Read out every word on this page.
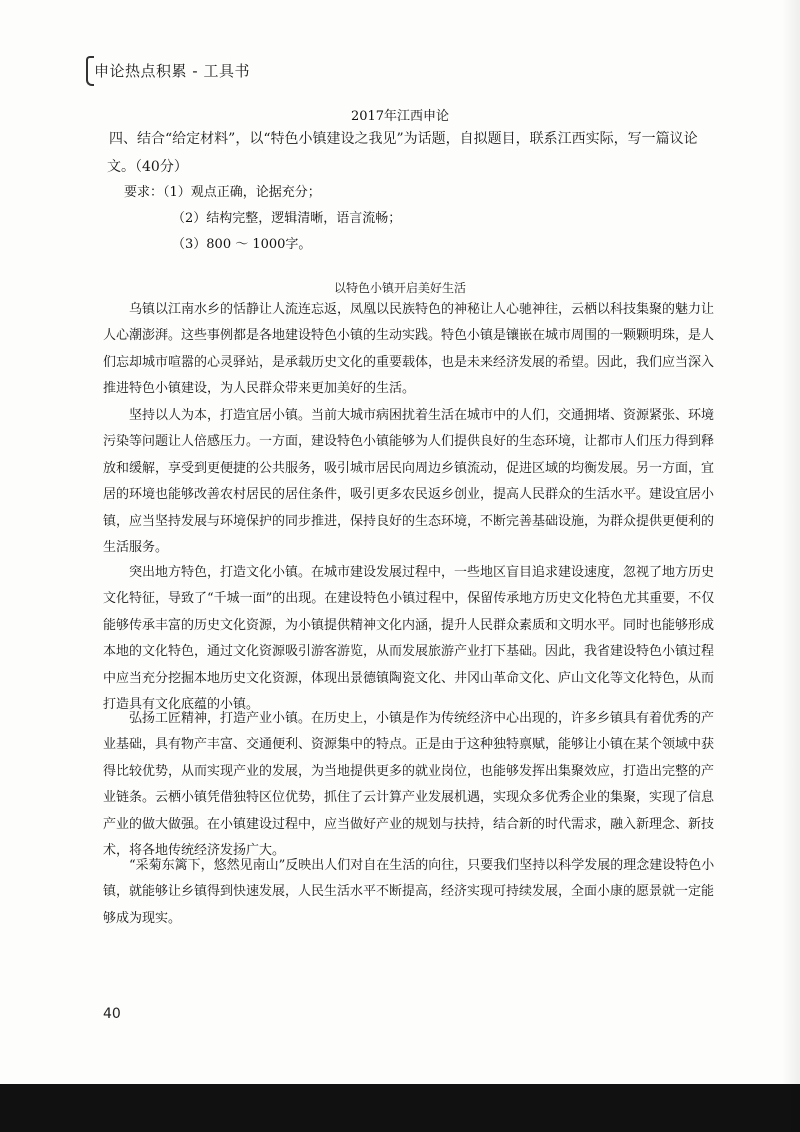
申论热点积累 - 工具书
2017年江西申论
四、结合“给定材料”，以“特色小镇建设之我见”为话题，自拟题目，联系江西实际，写一篇议论文。（40分）
要求：（1）观点正确，论据充分；
（2）结构完整，逻辑清晰，语言流畅；
（3）800 ～ 1000字。
以特色小镇开启美好生活

乌镇以江南水乡的恬静让人流连忘返，凤凰以民族特色的神秘让人心驰神往，云栖以科技集聚的魅力让人心潮澎湃。这些事例都是各地建设特色小镇的生动实践。特色小镇是镶嵌在城市周围的一颗颗明珠，是人们忘却城市喧嚣的心灵驿站，是承载历史文化的重要载体，也是未来经济发展的希望。因此，我们应当深入推进特色小镇建设，为人民群众带来更加美好的生活。

坚持以人为本，打造宜居小镇。当前大城市病困扰着生活在城市中的人们，交通拥堵、资源紧张、环境污染等问题让人倍感压力。一方面，建设特色小镇能够为人们提供良好的生态环境，让都市人们压力得到释放和缓解，享受到更便捷的公共服务，吸引城市居民向周边乡镇流动，促进区域的均衡发展。另一方面，宜居的环境也能够改善农村居民的居住条件，吸引更多农民返乡创业，提高人民群众的生活水平。建设宜居小镇，应当坚持发展与环境保护的同步推进，保持良好的生态环境，不断完善基础设施，为群众提供更便利的生活服务。

突出地方特色，打造文化小镇。在城市建设发展过程中，一些地区盲目追求建设速度，忽视了地方历史文化特征，导致了“千城一面”的出现。在建设特色小镇过程中，保留传承地方历史文化特色尤其重要，不仅能够传承丰富的历史文化资源，为小镇提供精神文化内涵，提升人民群众素质和文明水平。同时也能够形成本地的文化特色，通过文化资源吸引游客游览，从而发展旅游产业打下基础。因此，我省建设特色小镇过程中应当充分挖掘本地历史文化资源，体现出景德镇陶瓷文化、井冈山革命文化、庐山文化等文化特色，从而打造具有文化底蕴的小镇。

弘扬工匠精神，打造产业小镇。在历史上，小镇是作为传统经济中心出现的，许多乡镇具有着优秀的产业基础，具有物产丰富、交通便利、资源集中的特点。正是由于这种独特禀赋，能够让小镇在某个领域中获得比较优势，从而实现产业的发展，为当地提供更多的就业岗位，也能够发挥出集聚效应，打造出完整的产业链条。云栖小镇凭借独特区位优势，抓住了云计算产业发展机遇，实现众多优秀企业的集聚，实现了信息产业的做大做强。在小镇建设过程中，应当做好产业的规划与扶持，结合新的时代需求，融入新理念、新技术，将各地传统经济发扬广大。

“采菊东篱下，悠然见南山”反映出人们对自在生活的向往，只要我们坚持以科学发展的理念建设特色小镇，就能够让乡镇得到快速发展，人民生活水平不断提高，经济实现可持续发展，全面小康的愿景就一定能够成为现实。

40
